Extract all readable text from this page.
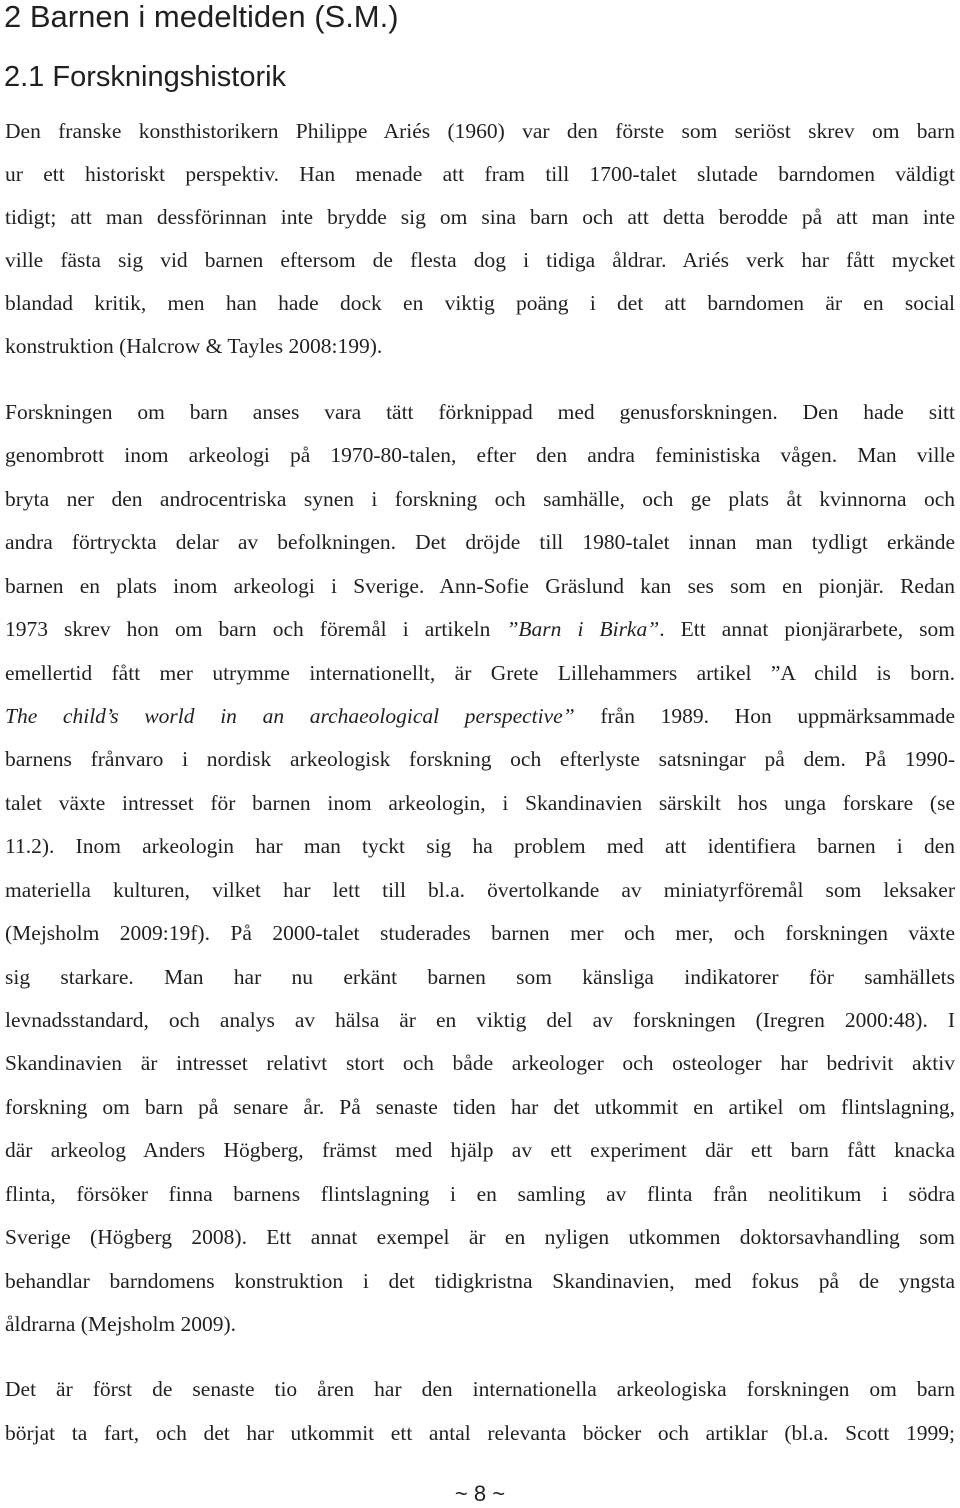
2 Barnen i medeltiden (S.M.)
2.1 Forskningshistorik

Den franske konsthistorikern Philippe Ariés (1960) var den förste som seriöst skrev om barn

ur ett historiskt perspektiv. Han menade att fram till 1700-talet slutade barndomen väldigt

tidigt; att man dessförinnan inte brydde sig om sina barn och att detta berodde på att man inte

ville fästa sig vid barnen eftersom de flesta dog i tidiga åldrar. Ariés verk har fått mycket

blandad kritik, men han hade dock en viktig poäng i det att barndomen är en social

konstruktion (Halcrow & Tayles 2008:199).

Forskningen om barn anses vara tätt förknippad med genusforskningen. Den hade sitt

genombrott inom arkeologi på 1970-80-talen, efter den andra feministiska vågen. Man ville

bryta ner den androcentriska synen i forskning och samhälle, och ge plats åt kvinnorna och

andra förtryckta delar av befolkningen. Det dröjde till 1980-talet innan man tydligt erkände

barnen en plats inom arkeologi i Sverige. Ann-Sofie Gräslund kan ses som en pionjär. Redan

1973 skrev hon om barn och föremål i artikeln ”Barn i Birka”. Ett annat pionjärarbete, som

emellertid fått mer utrymme internationellt, är Grete Lillehammers artikel ”A child is born.

The child’s world in an archaeological perspective” från 1989. Hon uppmärksammade

barnens frånvaro i nordisk arkeologisk forskning och efterlyste satsningar på dem. På 1990-

talet växte intresset för barnen inom arkeologin, i Skandinavien särskilt hos unga forskare (se

11.2). Inom arkeologin har man tyckt sig ha problem med att identifiera barnen i den

materiella kulturen, vilket har lett till bl.a. övertolkande av miniatyrföremål som leksaker

(Mejsholm 2009:19f). På 2000-talet studerades barnen mer och mer, och forskningen växte

sig starkare. Man har nu erkänt barnen som känsliga indikatorer för samhällets

levnadsstandard, och analys av hälsa är en viktig del av forskningen (Iregren 2000:48). I

Skandinavien är intresset relativt stort och både arkeologer och osteologer har bedrivit aktiv

forskning om barn på senare år. På senaste tiden har det utkommit en artikel om flintslagning,

där arkeolog Anders Högberg, främst med hjälp av ett experiment där ett barn fått knacka

flinta, försöker finna barnens flintslagning i en samling av flinta från neolitikum i södra

Sverige (Högberg 2008). Ett annat exempel är en nyligen utkommen doktorsavhandling som

behandlar barndomens konstruktion i det tidigkristna Skandinavien, med fokus på de yngsta

åldrarna (Mejsholm 2009).

Det är först de senaste tio åren har den internationella arkeologiska forskningen om barn

börjat ta fart, och det har utkommit ett antal relevanta böcker och artiklar (bl.a. Scott 1999;

~ 8 ~
